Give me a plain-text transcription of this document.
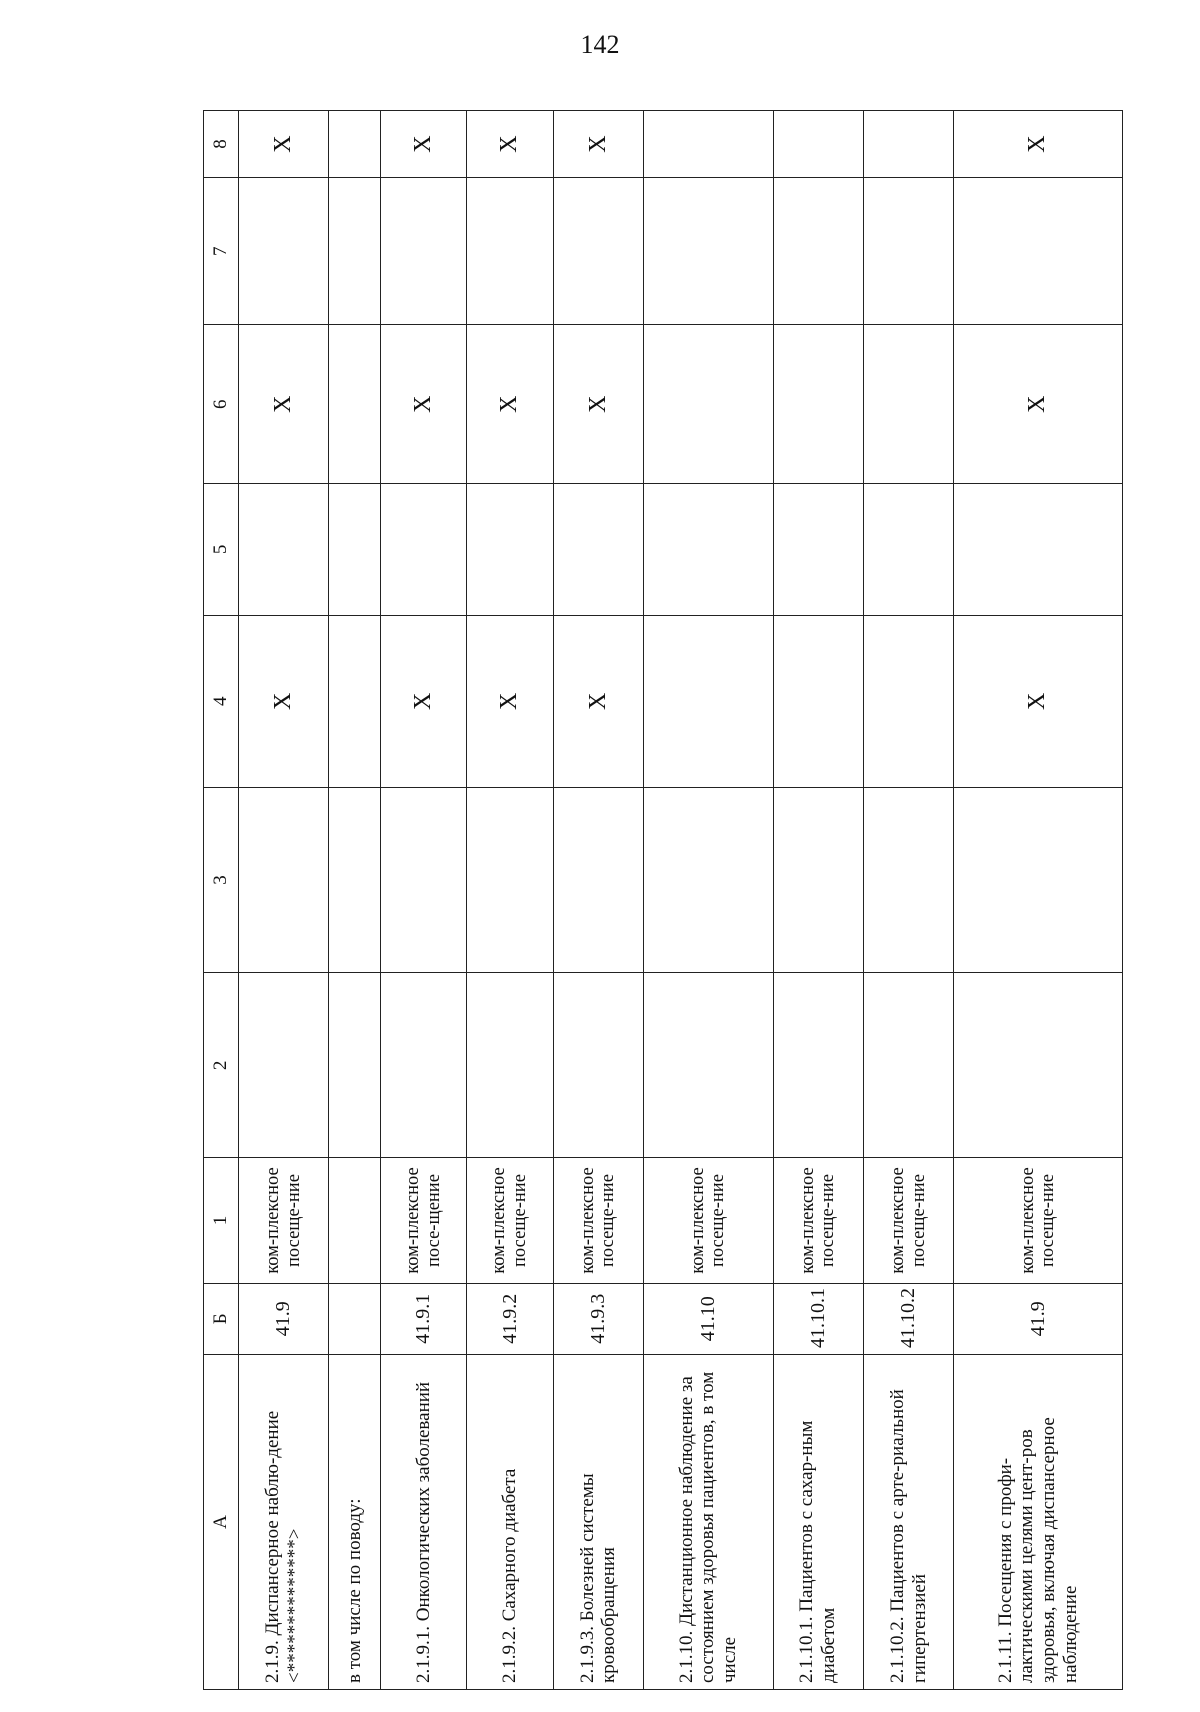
142
А	Б	1	2	3	4	5	6	7	8
2.1.9. Диспансерное наблю-дение <**************>	41.9	ком-плексное посеще-ние			X		X		X
в том числе по поводу:									
2.1.9.1. Онкологических заболеваний	41.9.1	ком-плексное посе-щение			X		X		X
2.1.9.2. Сахарного диабета	41.9.2	ком-плексное посеще-ние			X		X		X
2.1.9.3. Болезней системы кровообращения	41.9.3	ком-плексное посеще-ние			X		X		X
2.1.10. Дистанционное наблюдение за состоянием здоровья пациентов, в том числе	41.10	ком-плексное посеще-ние							
2.1.10.1. Пациентов с сахар-ным диабетом	41.10.1	ком-плексное посеще-ние							
2.1.10.2. Пациентов с арте-риальной гипертензией	41.10.2	ком-плексное посеще-ние							
2.1.11. Посещения с профи-лактическими целями цент-ров здоровья, включая диспансерное наблюдение	41.9	ком-плексное посеще-ние			X		X		X
